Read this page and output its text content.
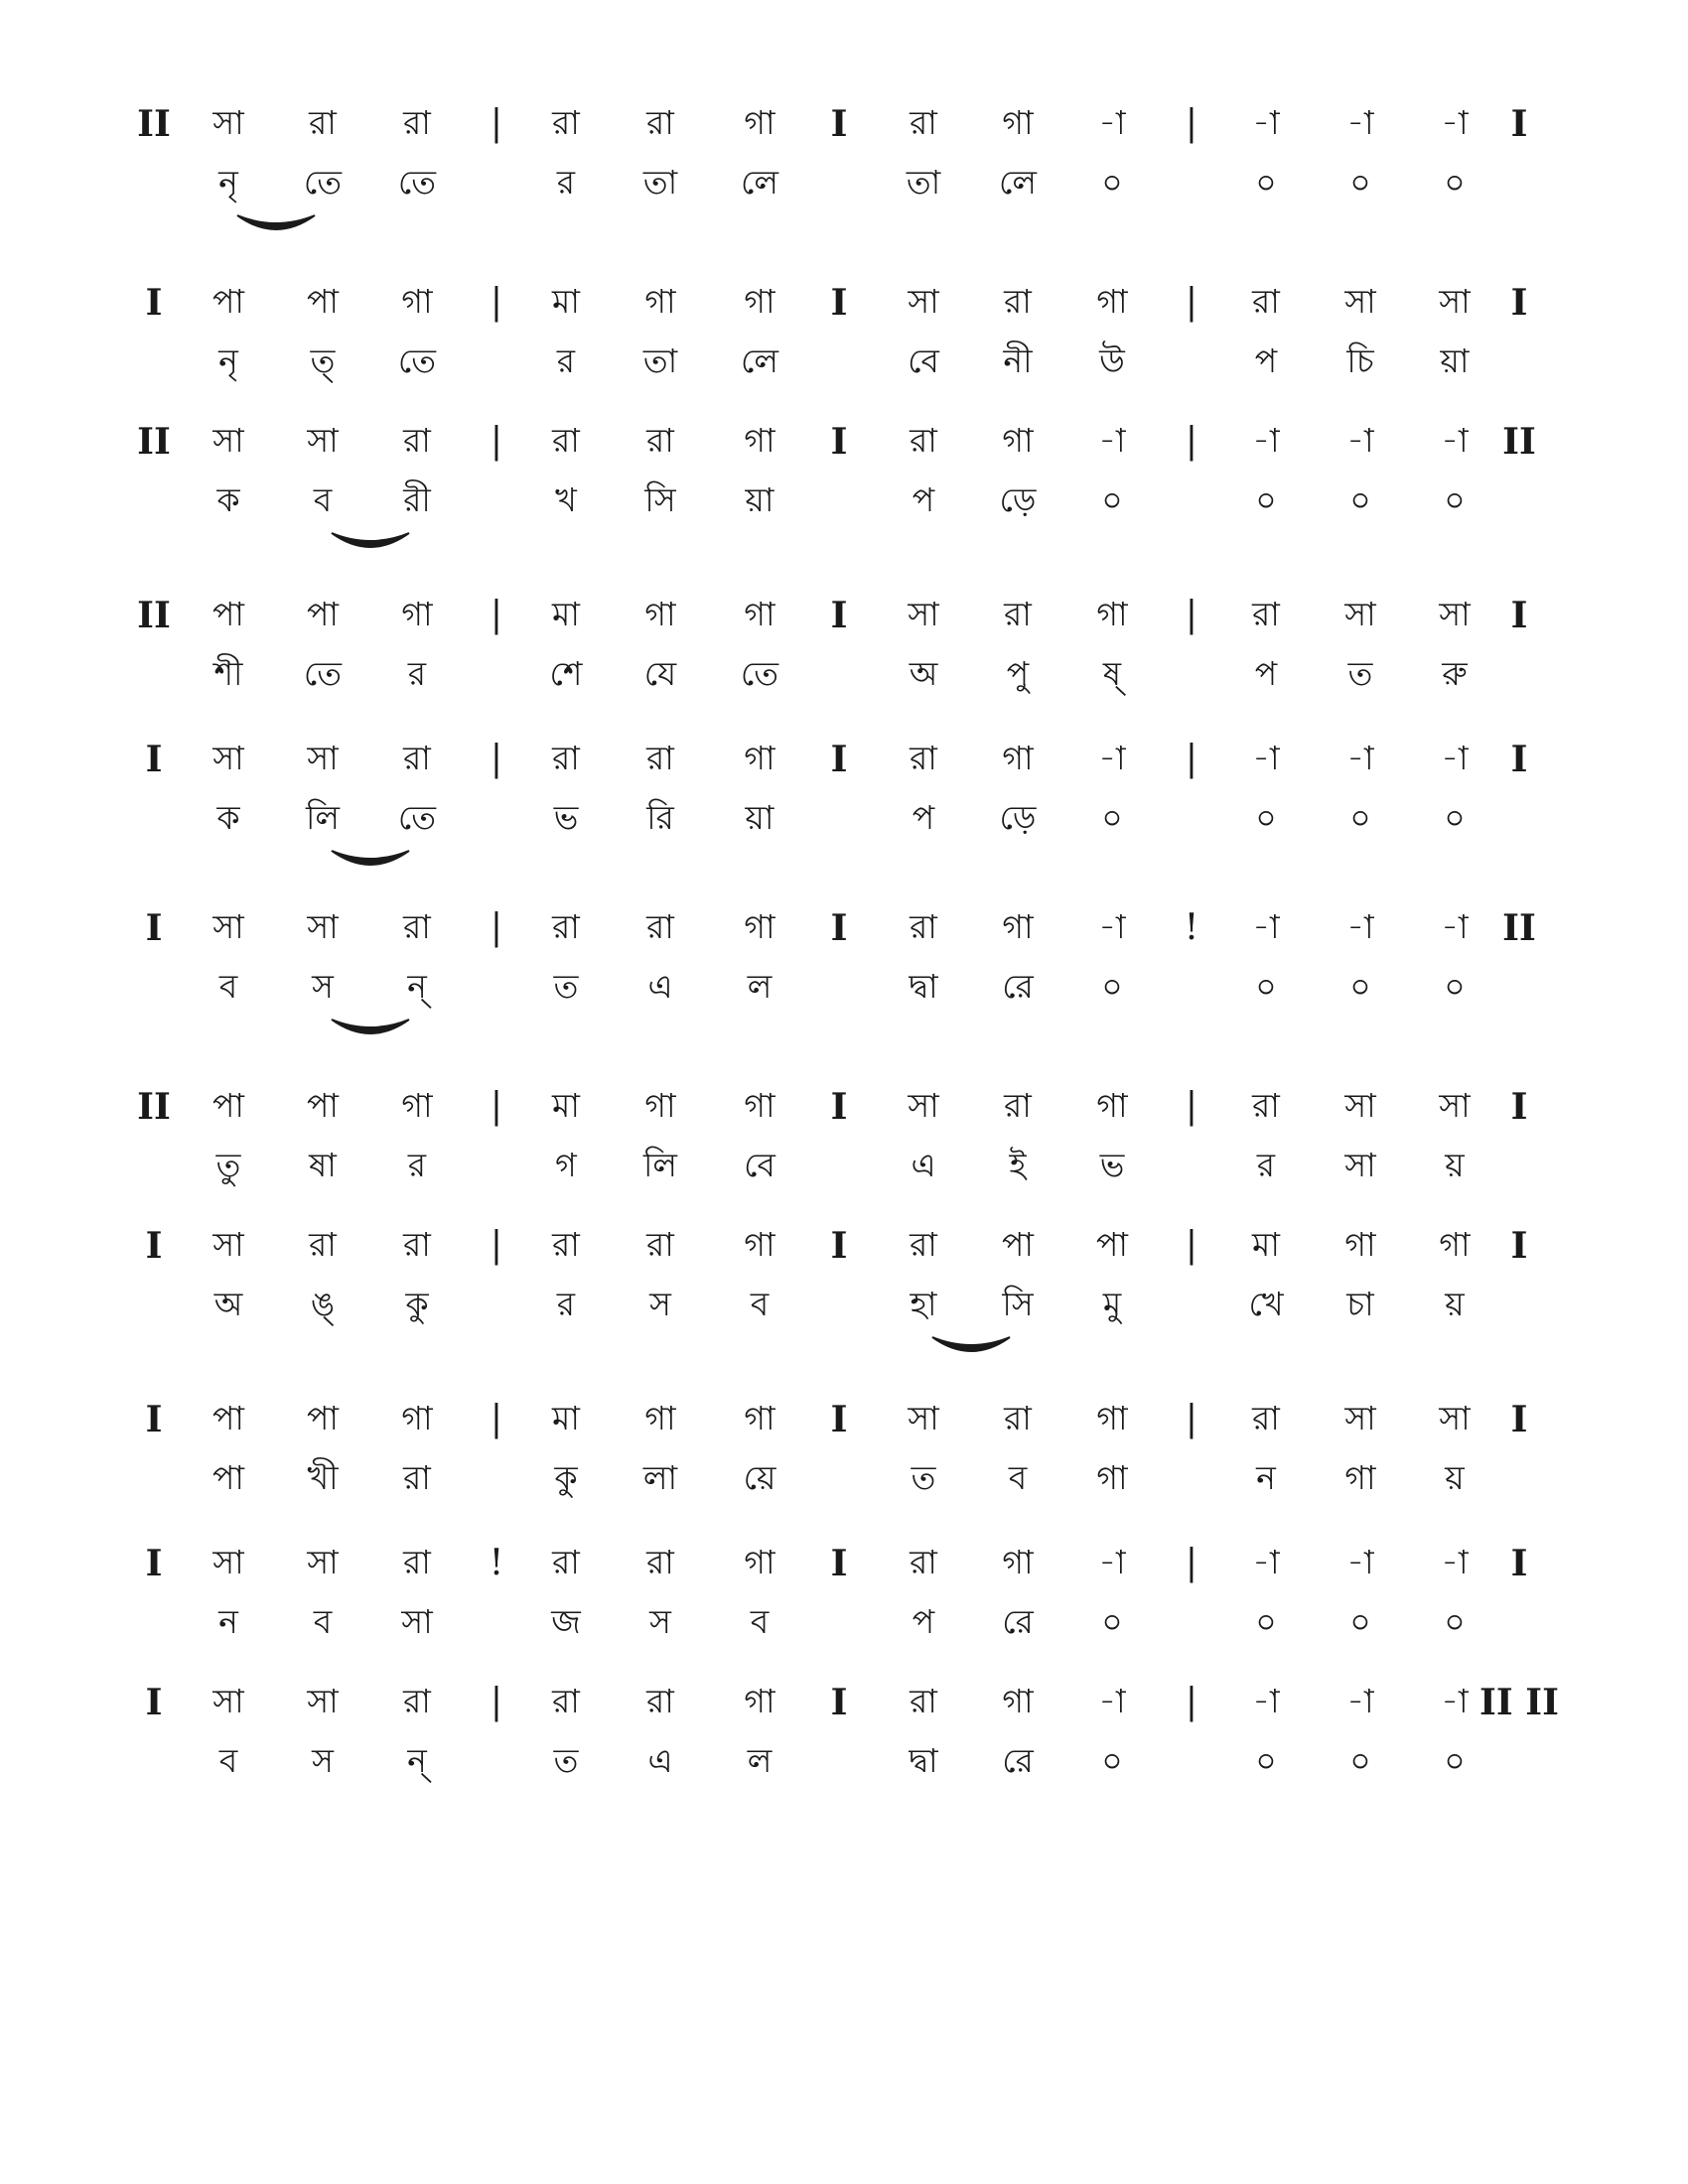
II সা রা রা | রা রা গা I রা গা -া | -া -া -া I
নৃ তে তে	র তা লে	তা লে ০	০ ০ ০
I পা পা গা | মা গা গা I সা রা গা | রা সা সা I
নৃ ত্ তে	র তা লে	বে নী উ	প চি য়া
II সা সা রা | রা রা গা I রা গা -া | -া -া -া II
ক ব রী	খ সি য়া	প ড়ে ০	০ ০ ০
II পা পা গা | মা গা গা I সা রা গা | রা সা সা I
শী তে র	শে যে তে	অ পু ষ্	প ত রু
I সা সা রা | রা রা গা I রা গা -া | -া -া -া I
ক লি তে	ভ রি য়া	প ড়ে ০	০ ০ ০
I সা সা রা | রা রা গা I রা গা -া ! -া -া -া II
ব স ন্	ত এ ল	দ্বা রে ০	০ ০ ০
II পা পা গা | মা গা গা I সা রা গা | রা সা সা I
তু ষা র	গ লি বে	এ ই ভ	র সা য়
I সা রা রা | রা রা গা I রা পা পা | মা গা গা I
অ ঙ্ কু	র স ব	হা সি মু	খে চা য়
I পা পা গা | মা গা গা I সা রা গা | রা সা সা I
পা খী রা	কু লা য়ে	ত ব গা	ন গা য়
I সা সা রা ! রা রা গা I রা গা -া | -া -া -া I
ন ব সা	জ স ব	প রে ০	০ ০ ০
I সা সা রা | রা রা গা I রা গা -া | -া -া -া II II
ব স ন্	ত এ ল	দ্বা রে ০	০ ০ ০
